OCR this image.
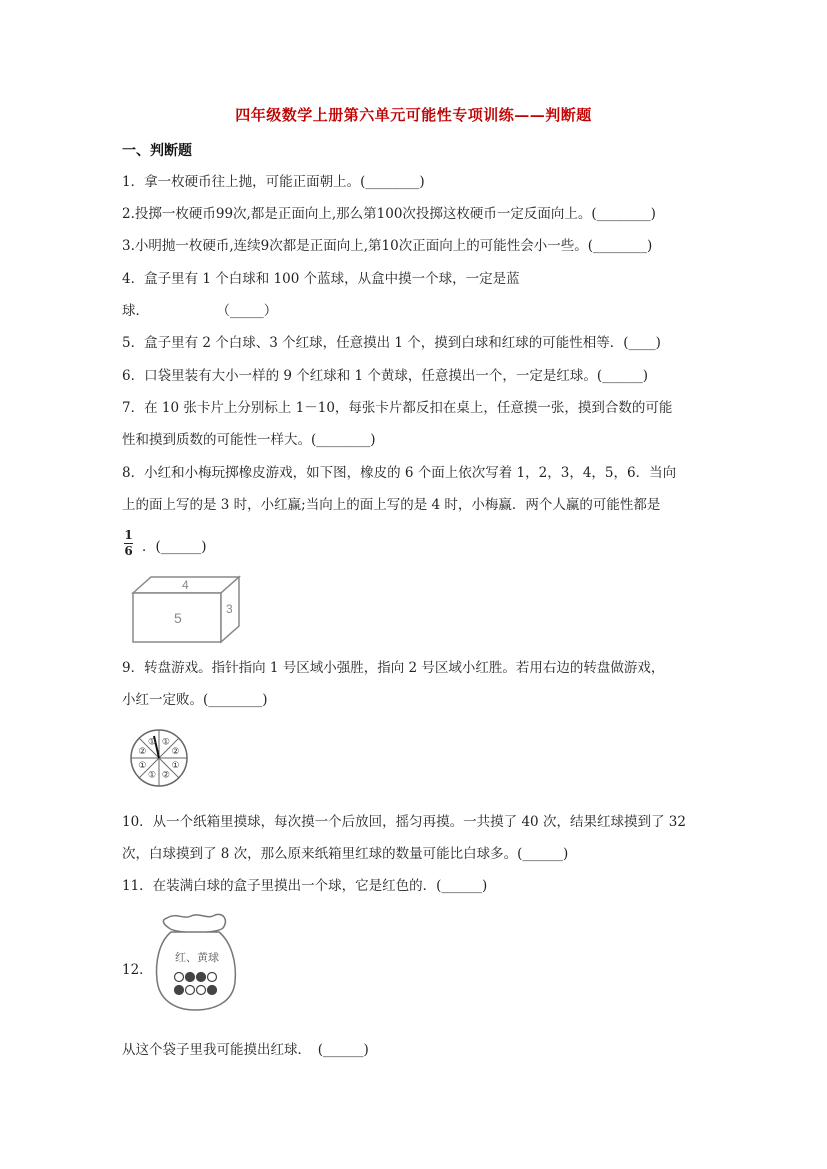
四年级数学上册第六单元可能性专项训练——判断题
一、判断题
1．拿一枚硬币往上抛，可能正面朝上。(________)
2.投掷一枚硬币99次,都是正面向上,那么第100次投掷这枚硬币一定反面向上。(________)
3.小明抛一枚硬币,连续9次都是正面向上,第10次正面向上的可能性会小一些。(________)
4．盒子里有 1 个白球和 100 个蓝球，从盒中摸一个球，一定是蓝
球．　　　　　　（_____）
5．盒子里有 2 个白球、3 个红球，任意摸出 1 个，摸到白球和红球的可能性相等．(____)
6．口袋里装有大小一样的 9 个红球和 1 个黄球，任意摸出一个，一定是红球。(______)
7．在 10 张卡片上分别标上 1－10，每张卡片都反扣在桌上，任意摸一张，摸到合数的可能
性和摸到质数的可能性一样大。(________)
8．小红和小梅玩掷橡皮游戏，如下图，橡皮的 6 个面上依次写着 1，2，3，4，5，6．当向
上的面上写的是 3 时，小红赢;当向上的面上写的是 4 时，小梅赢．两个人赢的可能性都是
1
6 ．(______)
4
5
3
9．转盘游戏。指针指向 1 号区域小强胜，指向 2 号区域小红胜。若用右边的转盘做游戏，
小红一定败。(________)
①
②
①
②
①
①
②
①
10．从一个纸箱里摸球，每次摸一个后放回，摇匀再摸。一共摸了 40 次，结果红球摸到了 32
次，白球摸到了 8 次，那么原来纸箱里红球的数量可能比白球多。(______)
11．在装满白球的盒子里摸出一个球，它是红色的．(______)
12．
红、黄球
从这个袋子里我可能摸出红球．　(______)
